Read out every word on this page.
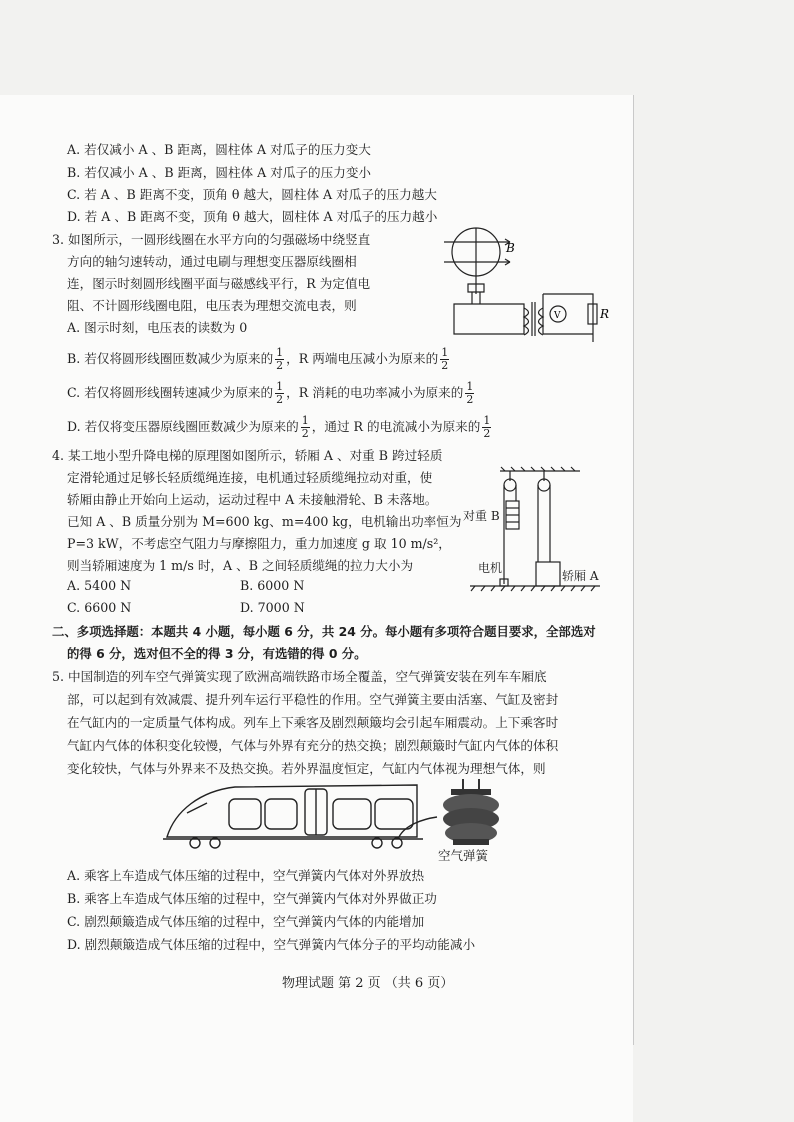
A. 若仅减小 A 、B 距离，圆柱体 A 对瓜子的压力变大
B. 若仅减小 A 、B 距离，圆柱体 A 对瓜子的压力变小
C. 若 A 、B 距离不变，顶角 θ 越大，圆柱体 A 对瓜子的压力越大
D. 若 A 、B 距离不变，顶角 θ 越大，圆柱体 A 对瓜子的压力越小
3. 如图所示，一圆形线圈在水平方向的匀强磁场中绕竖直
方向的轴匀速转动，通过电刷与理想变压器原线圈相
连，图示时刻圆形线圈平面与磁感线平行，R 为定值电
阻、不计圆形线圈电阻，电压表为理想交流电表，则
A. 图示时刻，电压表的读数为 0
B. 若仅将圆形线圈匝数减少为原来的 $\frac{1}{2}$ ，R 两端电压减小为原来的 $\frac{1}{2}$
C. 若仅将圆形线圈转速减少为原来的 $\frac{1}{2}$ ，R 消耗的电功率减小为原来的 $\frac{1}{2}$
D. 若仅将变压器原线圈匝数减少为原来的 $\frac{1}{2}$ ，通过 R 的电流减小为原来的 $\frac{1}{2}$
B
V	R
4. 某工地小型升降电梯的原理图如图所示，轿厢 A 、对重 B 跨过轻质
定滑轮通过足够长轻质缆绳连接，电机通过轻质缆绳拉动对重，使
轿厢由静止开始向上运动，运动过程中 A 未接触滑轮、B 未落地。
已知 A 、B 质量分别为 M=600 kg、m=400 kg，电机输出功率恒为
P=3 kW，不考虑空气阻力与摩擦阻力，重力加速度 g 取 10 m/s²，
则当轿厢速度为 1 m/s 时，A 、B 之间轻质缆绳的拉力大小为
A. 5400 N	B. 6000 N
C. 6600 N	D. 7000 N
对重 B
电机
轿厢 A
二、多项选择题：本题共 4 小题，每小题 6 分，共 24 分。每小题有多项符合题目要求，全部选对
的得 6 分，选对但不全的得 3 分，有选错的得 0 分。
5. 中国制造的列车空气弹簧实现了欧洲高端铁路市场全覆盖，空气弹簧安装在列车车厢底
部，可以起到有效减震、提升列车运行平稳性的作用。空气弹簧主要由活塞、气缸及密封
在气缸内的一定质量气体构成。列车上下乘客及剧烈颠簸均会引起车厢震动。上下乘客时
气缸内气体的体积变化较慢，气体与外界有充分的热交换；剧烈颠簸时气缸内气体的体积
变化较快，气体与外界来不及热交换。若外界温度恒定，气缸内气体视为理想气体，则
空气弹簧
A. 乘客上车造成气体压缩的过程中，空气弹簧内气体对外界放热
B. 乘客上车造成气体压缩的过程中，空气弹簧内气体对外界做正功
C. 剧烈颠簸造成气体压缩的过程中，空气弹簧内气体的内能增加
D. 剧烈颠簸造成气体压缩的过程中，空气弹簧内气体分子的平均动能减小
物理试题 第 2 页 （共 6 页）
